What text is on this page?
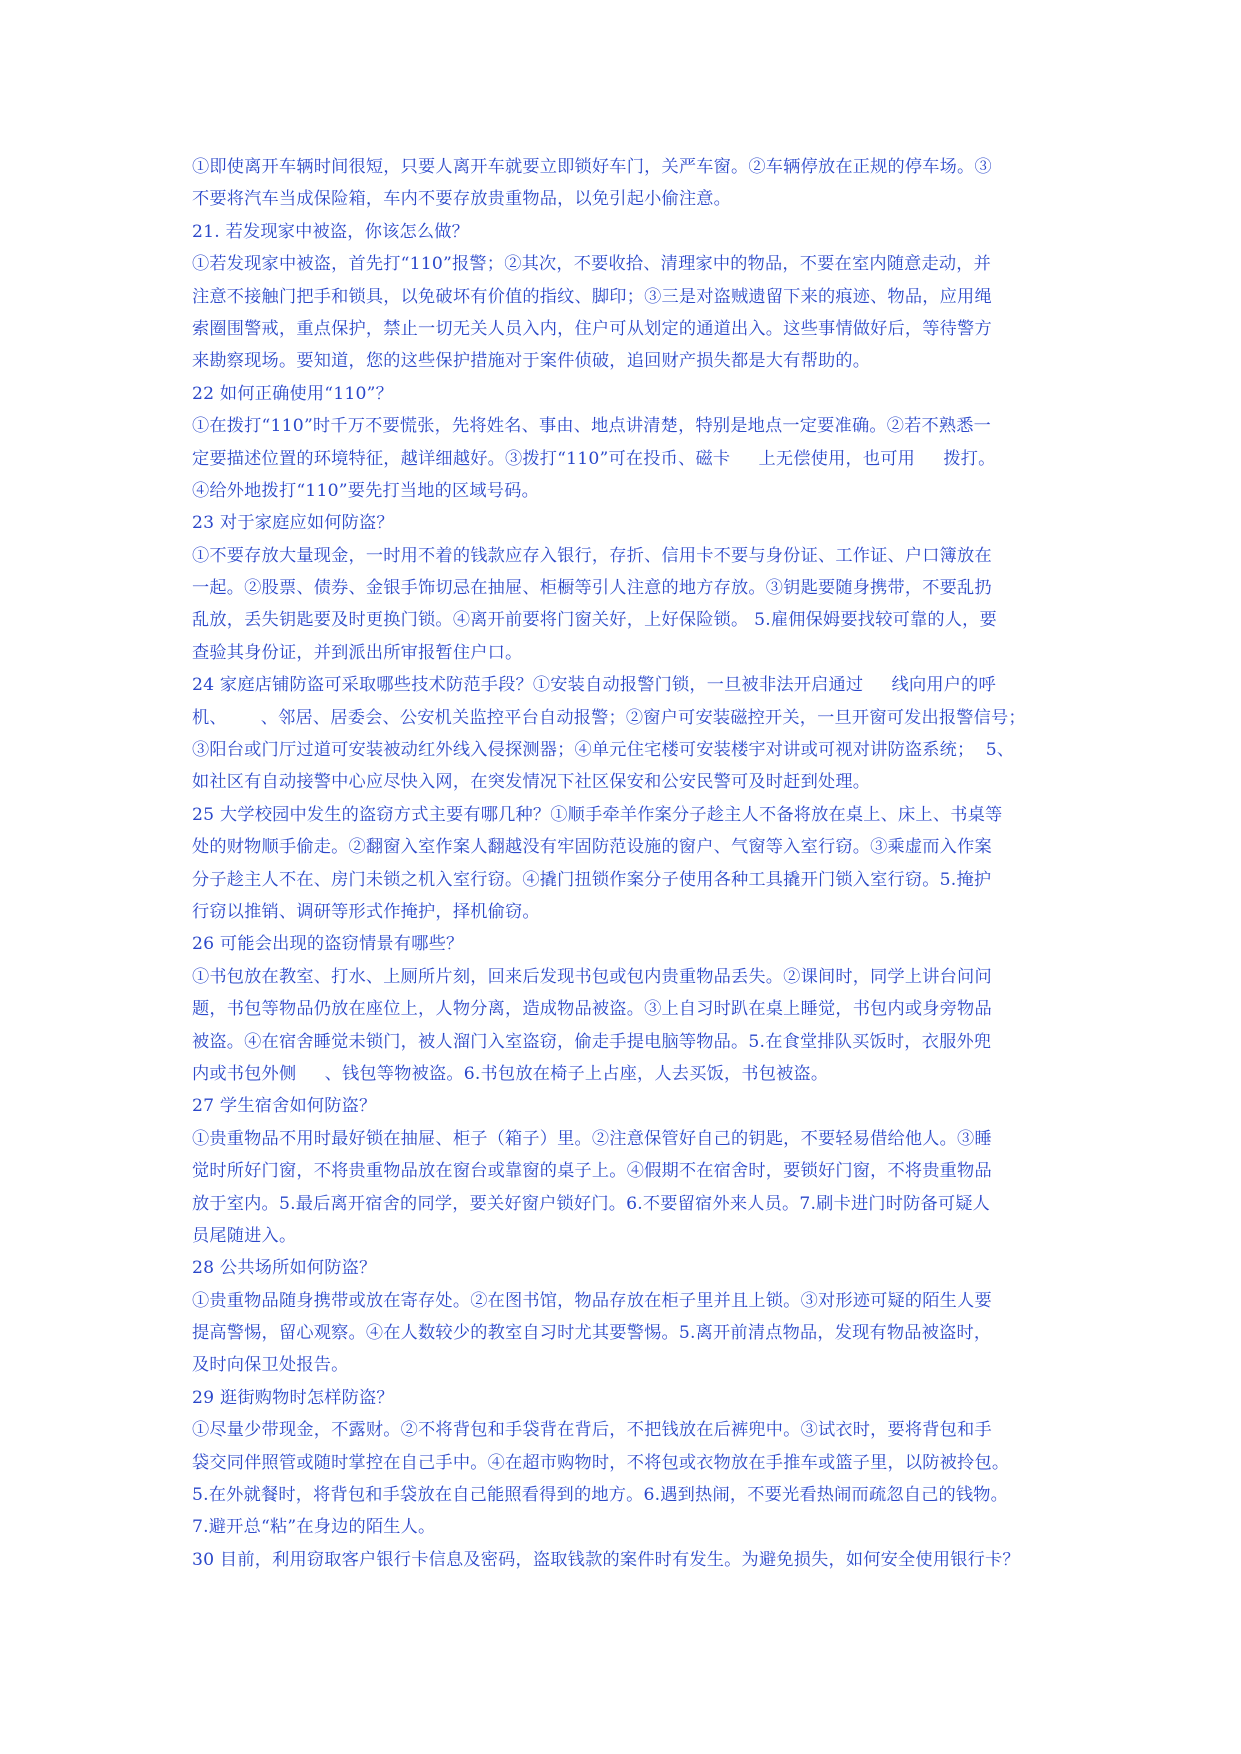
①即使离开车辆时间很短，只要人离开车就要立即锁好车门，关严车窗。②车辆停放在正规的停车场。③
不要将汽车当成保险箱，车内不要存放贵重物品，以免引起小偷注意。
21. 若发现家中被盗，你该怎么做？
①若发现家中被盗，首先打“110”报警；②其次，不要收拾、清理家中的物品，不要在室内随意走动，并
注意不接触门把手和锁具，以免破坏有价值的指纹、脚印；③三是对盗贼遗留下来的痕迹、物品，应用绳
索圈围警戒，重点保护，禁止一切无关人员入内，住户可从划定的通道出入。这些事情做好后，等待警方
来勘察现场。要知道，您的这些保护措施对于案件侦破，追回财产损失都是大有帮助的。
22 如何正确使用“110”？
①在拨打“110”时千万不要慌张，先将姓名、事由、地点讲清楚，特别是地点一定要准确。②若不熟悉一
定要描述位置的环境特征，越详细越好。③拨打“110”可在投币、磁卡     上无偿使用，也可用     拨打。
④给外地拨打“110”要先打当地的区域号码。
23 对于家庭应如何防盗？
①不要存放大量现金，一时用不着的钱款应存入银行，存折、信用卡不要与身份证、工作证、户口簿放在
一起。②股票、债券、金银手饰切忌在抽屉、柜橱等引人注意的地方存放。③钥匙要随身携带，不要乱扔
乱放，丢失钥匙要及时更换门锁。④离开前要将门窗关好，上好保险锁。 5.雇佣保姆要找较可靠的人，要
查验其身份证，并到派出所审报暂住户口。
24 家庭店铺防盗可采取哪些技术防范手段？①安装自动报警门锁，一旦被非法开启通过     线向用户的呼
机、      、邻居、居委会、公安机关监控平台自动报警；②窗户可安装磁控开关，一旦开窗可发出报警信号；
③阳台或门厅过道可安装被动红外线入侵探测器；④单元住宅楼可安装楼宇对讲或可视对讲防盗系统；  5、
如社区有自动接警中心应尽快入网，在突发情况下社区保安和公安民警可及时赶到处理。
25 大学校园中发生的盗窃方式主要有哪几种？①顺手牵羊作案分子趁主人不备将放在桌上、床上、书桌等
处的财物顺手偷走。②翻窗入室作案人翻越没有牢固防范设施的窗户、气窗等入室行窃。③乘虚而入作案
分子趁主人不在、房门未锁之机入室行窃。④撬门扭锁作案分子使用各种工具撬开门锁入室行窃。5.掩护
行窃以推销、调研等形式作掩护，择机偷窃。
26 可能会出现的盗窃情景有哪些？
①书包放在教室、打水、上厕所片刻，回来后发现书包或包内贵重物品丢失。②课间时，同学上讲台问问
题，书包等物品仍放在座位上，人物分离，造成物品被盗。③上自习时趴在桌上睡觉，书包内或身旁物品
被盗。④在宿舍睡觉未锁门，被人溜门入室盗窃，偷走手提电脑等物品。5.在食堂排队买饭时，衣服外兜
内或书包外侧     、钱包等物被盗。6.书包放在椅子上占座，人去买饭，书包被盗。
27 学生宿舍如何防盗？
①贵重物品不用时最好锁在抽屉、柜子（箱子）里。②注意保管好自己的钥匙，不要轻易借给他人。③睡
觉时所好门窗，不将贵重物品放在窗台或靠窗的桌子上。④假期不在宿舍时，要锁好门窗，不将贵重物品
放于室内。5.最后离开宿舍的同学，要关好窗户锁好门。6.不要留宿外来人员。7.刷卡进门时防备可疑人
员尾随进入。
28 公共场所如何防盗？
①贵重物品随身携带或放在寄存处。②在图书馆，物品存放在柜子里并且上锁。③对形迹可疑的陌生人要
提高警惕，留心观察。④在人数较少的教室自习时尤其要警惕。5.离开前清点物品，发现有物品被盗时，
及时向保卫处报告。
29 逛街购物时怎样防盗？
①尽量少带现金，不露财。②不将背包和手袋背在背后，不把钱放在后裤兜中。③试衣时，要将背包和手
袋交同伴照管或随时掌控在自己手中。④在超市购物时，不将包或衣物放在手推车或篮子里，以防被拎包。
5.在外就餐时，将背包和手袋放在自己能照看得到的地方。6.遇到热闹，不要光看热闹而疏忽自己的钱物。
7.避开总“粘”在身边的陌生人。
30 目前，利用窃取客户银行卡信息及密码，盗取钱款的案件时有发生。为避免损失，如何安全使用银行卡？
